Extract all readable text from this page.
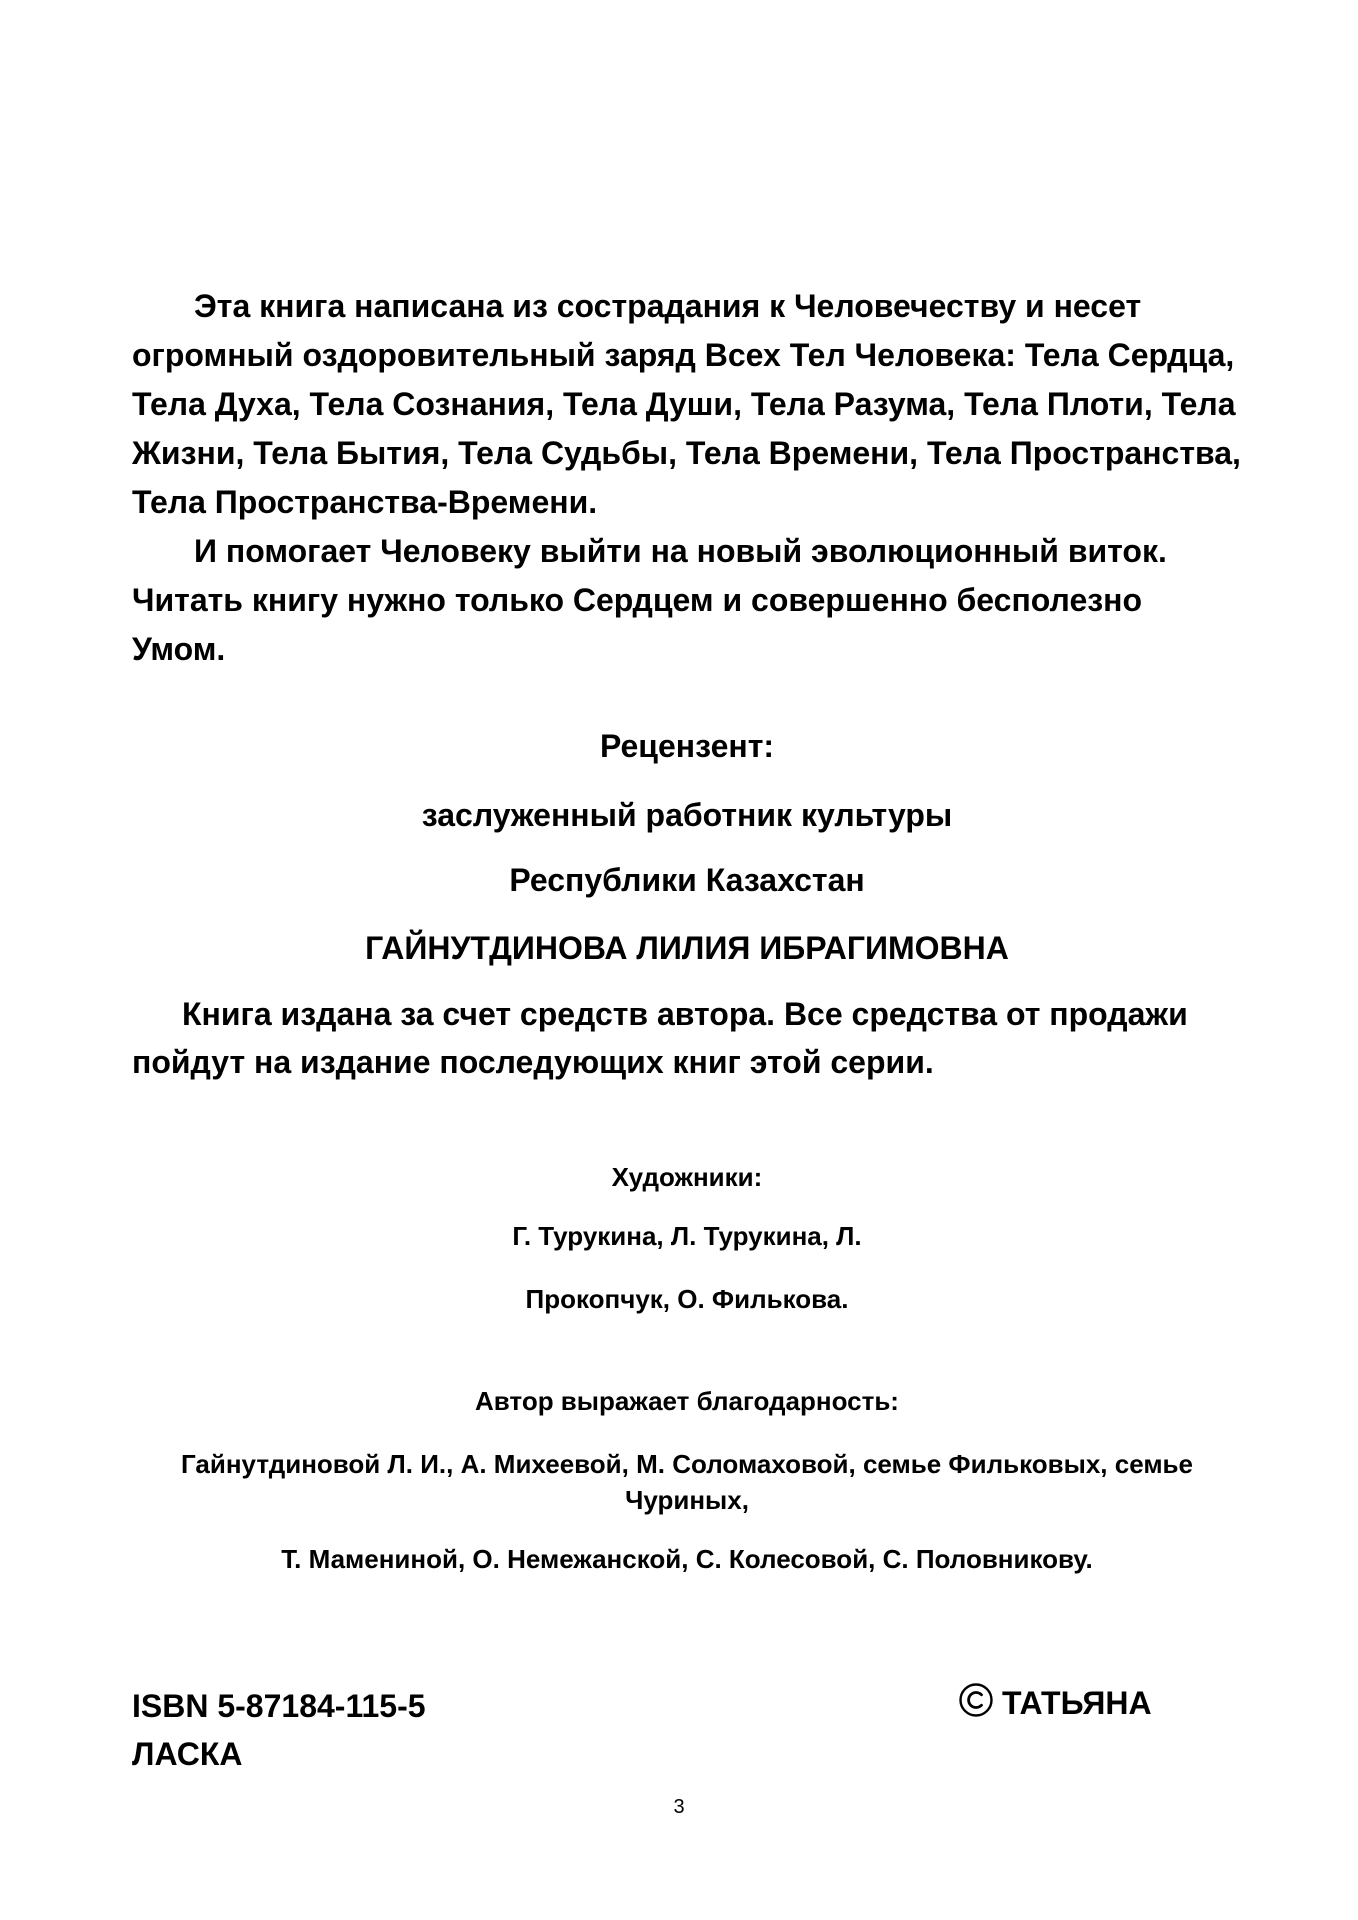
Эта книга написана из сострадания к Человечеству и несет огромный оздоровительный заряд Всех Тел Человека: Тела Сердца, Тела Духа, Тела Сознания, Тела Души, Тела Разума, Тела Плоти, Тела Жизни, Тела Бытия, Тела Судьбы, Тела Времени, Тела Пространства, Тела Пространства-Времени.

И помогает Человеку выйти на новый эволюционный виток. Читать книгу нужно только Сердцем и совершенно бесполезно Умом.

Рецензент:

заслуженный работник культуры

Республики Казахстан

ГАЙНУТДИНОВА ЛИЛИЯ ИБРАГИМОВНА

Книга издана за счет средств автора. Все средства от продажи пойдут на издание последующих книг этой серии.

Художники:

Г. Турукина, Л. Турукина, Л.

Прокопчук, О. Филькова.

Автор выражает благодарность:

Гайнутдиновой Л. И., А. Михеевой, М. Соломаховой, семье Фильковых, семье Чуриных,

Т. Мамениной, О. Немежанской, С. Колесовой, С. Половникову.

ISBN 5-87184-115-5
ЛАСКА

ТАТЬЯНА

3
